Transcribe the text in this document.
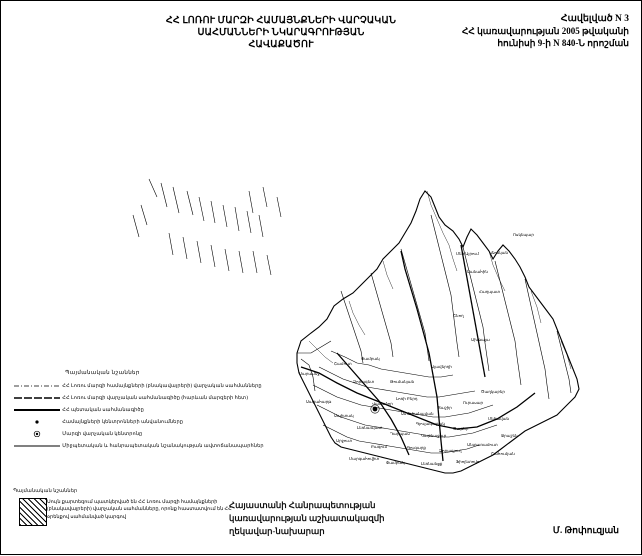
ՀՀ ԼՈՌՈՒ ՄԱՐԶԻ ՀԱՄԱՅՆՔՆԵՐԻ ՎԱՐՉԱԿԱՆ
ՍԱՀՄԱՆՆԵՐԻ ՆԿԱՐԱԳՐՈՒԹՅԱՆ
ՀԱՎԱՔԱԾՈՒ
Հավելված N 3
ՀՀ կառավարության 2005 թվականի
հունիսի 9-ի N 840-Ն որոշման
Ձորագետ	Թումանյան
Ալավերդի
Ախթալա
Շնող
Հաղպատ
Սանահին
Ճոճկան
Ոսկեպար
Մեծ Այրում
Փամբակ
Շամուտ
Լոռի Բերդ
Վանաձոր
Սպիտակ	Ստեփանավան
Տաշիր
Ուրասար
Ծաղկաբեր
Գյուլագարակ
Լեռնապատ
Դարպաս	Կաթնաջուր
Ծաթեր
Մեծավան
Արջուտ
Բազում	Գուգարք
Ձորագյուղ
Անտառամուտ
Ջրաշեն
Մարգահովիտ
Փամբակ	Լեռնանցք	Ֆիոլետովո
Շահումյան
Սարահարթ
Սարամեջ
Պայմանական նշաններ
ՀՀ Լոռու մարզի համայնքների (բնակավայրերի) վարչական սահմանները
ՀՀ Լոռու մարզի վարչական սահմանագիծը (հարևան մարզերի հետ)
ՀՀ պետական սահմանագիծը
Համայնքների կենտրոնների անվանումները
Մարզի վարչական կենտրոնը
Միջպետական և հանրապետական նշանակության ավտոճանապարհներ
Պայմանական նշաններ
Սույն քարտեզում պատկերված են ՀՀ Լոռու մարզի համայնքների (բնակավայրերի) վարչական սահմանները, որոնք հաստատվում են ՀՀ օրենքով սահմանված կարգով
Հայաստանի Հանրապետության
կառավարության աշխատակազմի
ղեկավար-նախարար	Մ. Թոփուզյան
